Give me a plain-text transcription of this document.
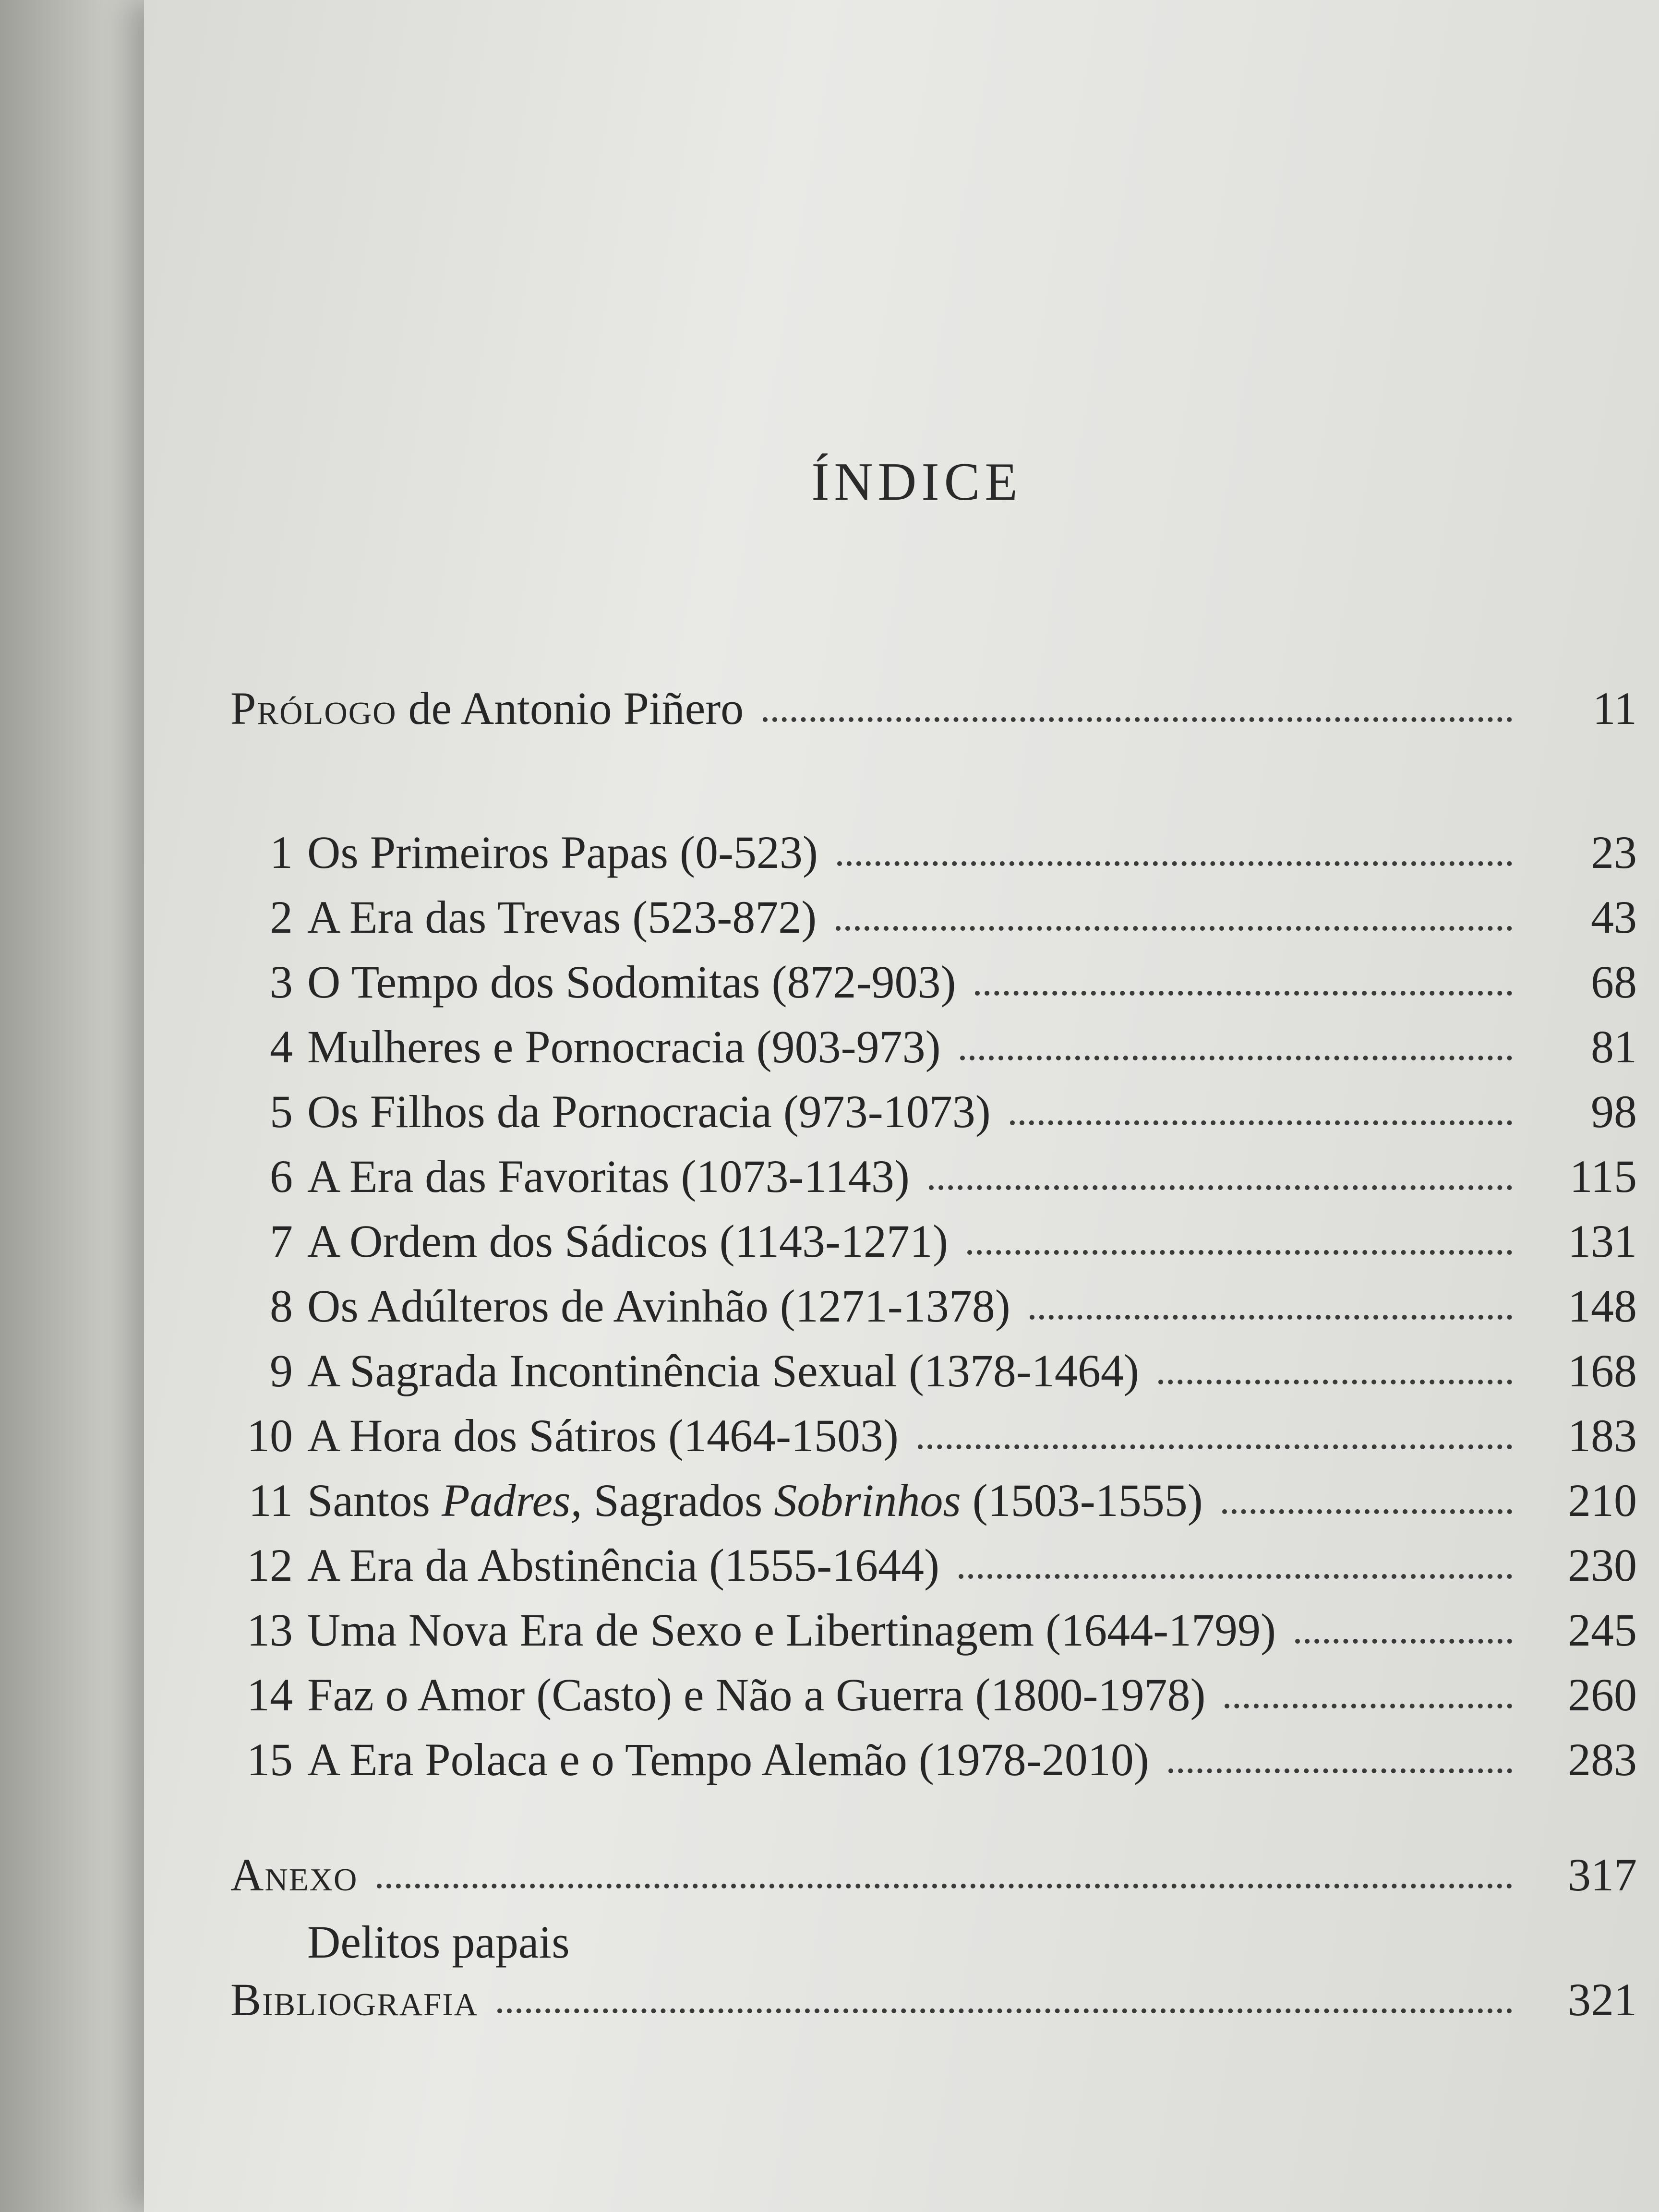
ÍNDICE
Prólogo de Antonio Piñero	11
1 Os Primeiros Papas (0-523)	23
2 A Era das Trevas (523-872)	43
3 O Tempo dos Sodomitas (872-903)	68
4 Mulheres e Pornocracia (903-973)	81
5 Os Filhos da Pornocracia (973-1073)	98
6 A Era das Favoritas (1073-1143)	115
7 A Ordem dos Sádicos (1143-1271)	131
8 Os Adúlteros de Avinhão (1271-1378)	148
9 A Sagrada Incontinência Sexual (1378-1464)	168
10 A Hora dos Sátiros (1464-1503)	183
11 Santos Padres, Sagrados Sobrinhos (1503-1555)	210
12 A Era da Abstinência (1555-1644)	230
13 Uma Nova Era de Sexo e Libertinagem (1644-1799)	245
14 Faz o Amor (Casto) e Não a Guerra (1800-1978)	260
15 A Era Polaca e o Tempo Alemão (1978-2010)	283
Anexo	317
Delitos papais
Bibliografia	321
